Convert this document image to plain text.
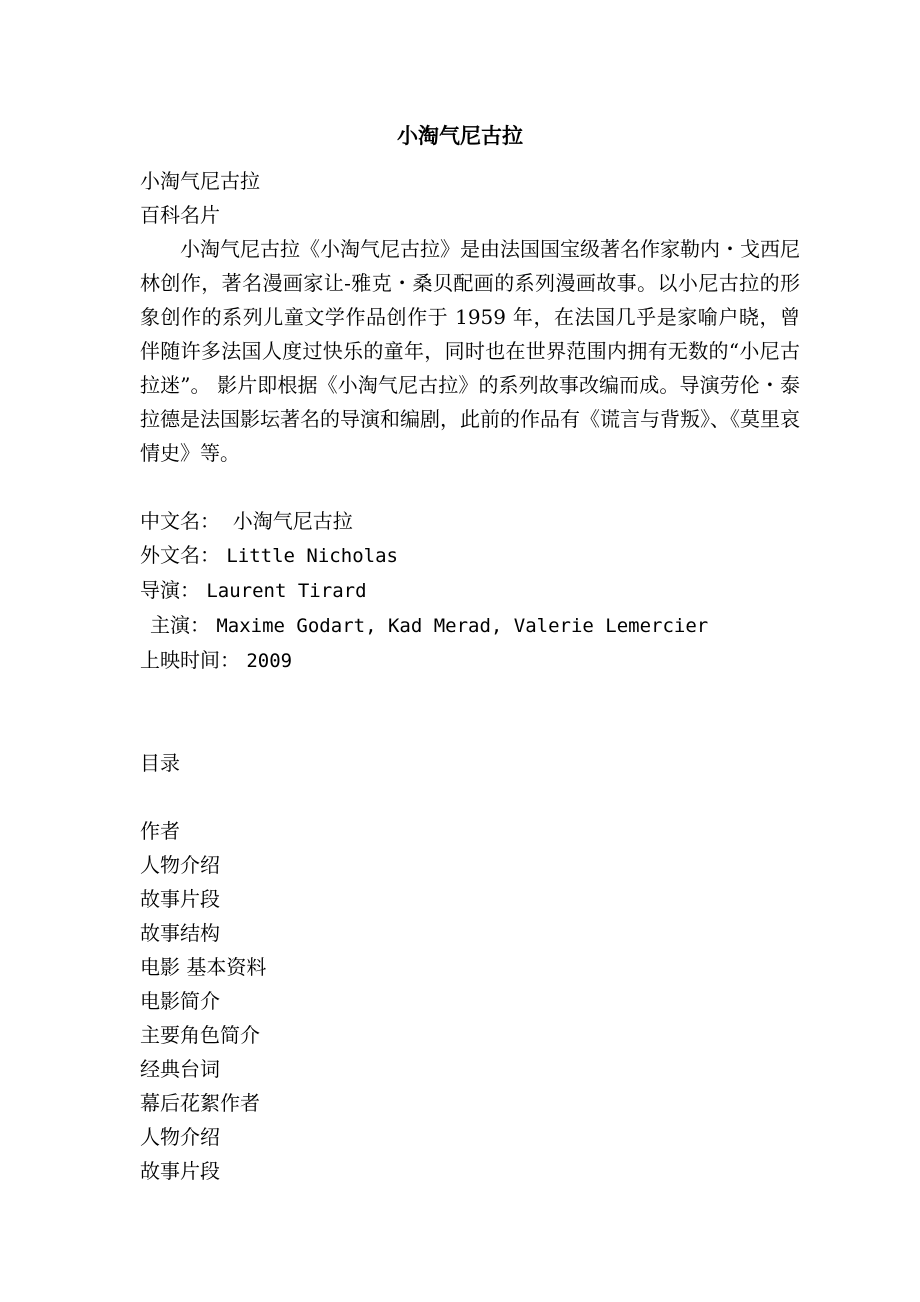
小淘气尼古拉

小淘气尼古拉

百科名片

小淘气尼古拉《小淘气尼古拉》是由法国国宝级著名作家勒内・戈西尼林创作，著名漫画家让-雅克・桑贝配画的系列漫画故事。以小尼古拉的形象创作的系列儿童文学作品创作于 1959 年，在法国几乎是家喻户晓，曾伴随许多法国人度过快乐的童年，同时也在世界范围内拥有无数的“小尼古拉迷”。 影片即根据《小淘气尼古拉》的系列故事改编而成。导演劳伦・泰拉德是法国影坛著名的导演和编剧，此前的作品有《谎言与背叛》、《莫里哀情史》等。

中文名： 小淘气尼古拉

外文名： Little Nicholas

导演： Laurent Tirard

主演： Maxime Godart, Kad Merad, Valerie Lemercier

上映时间： 2009

目录

作者
人物介绍
故事片段
故事结构
电影 基本资料
电影简介
主要角色简介
经典台词
幕后花絮作者
人物介绍
故事片段
